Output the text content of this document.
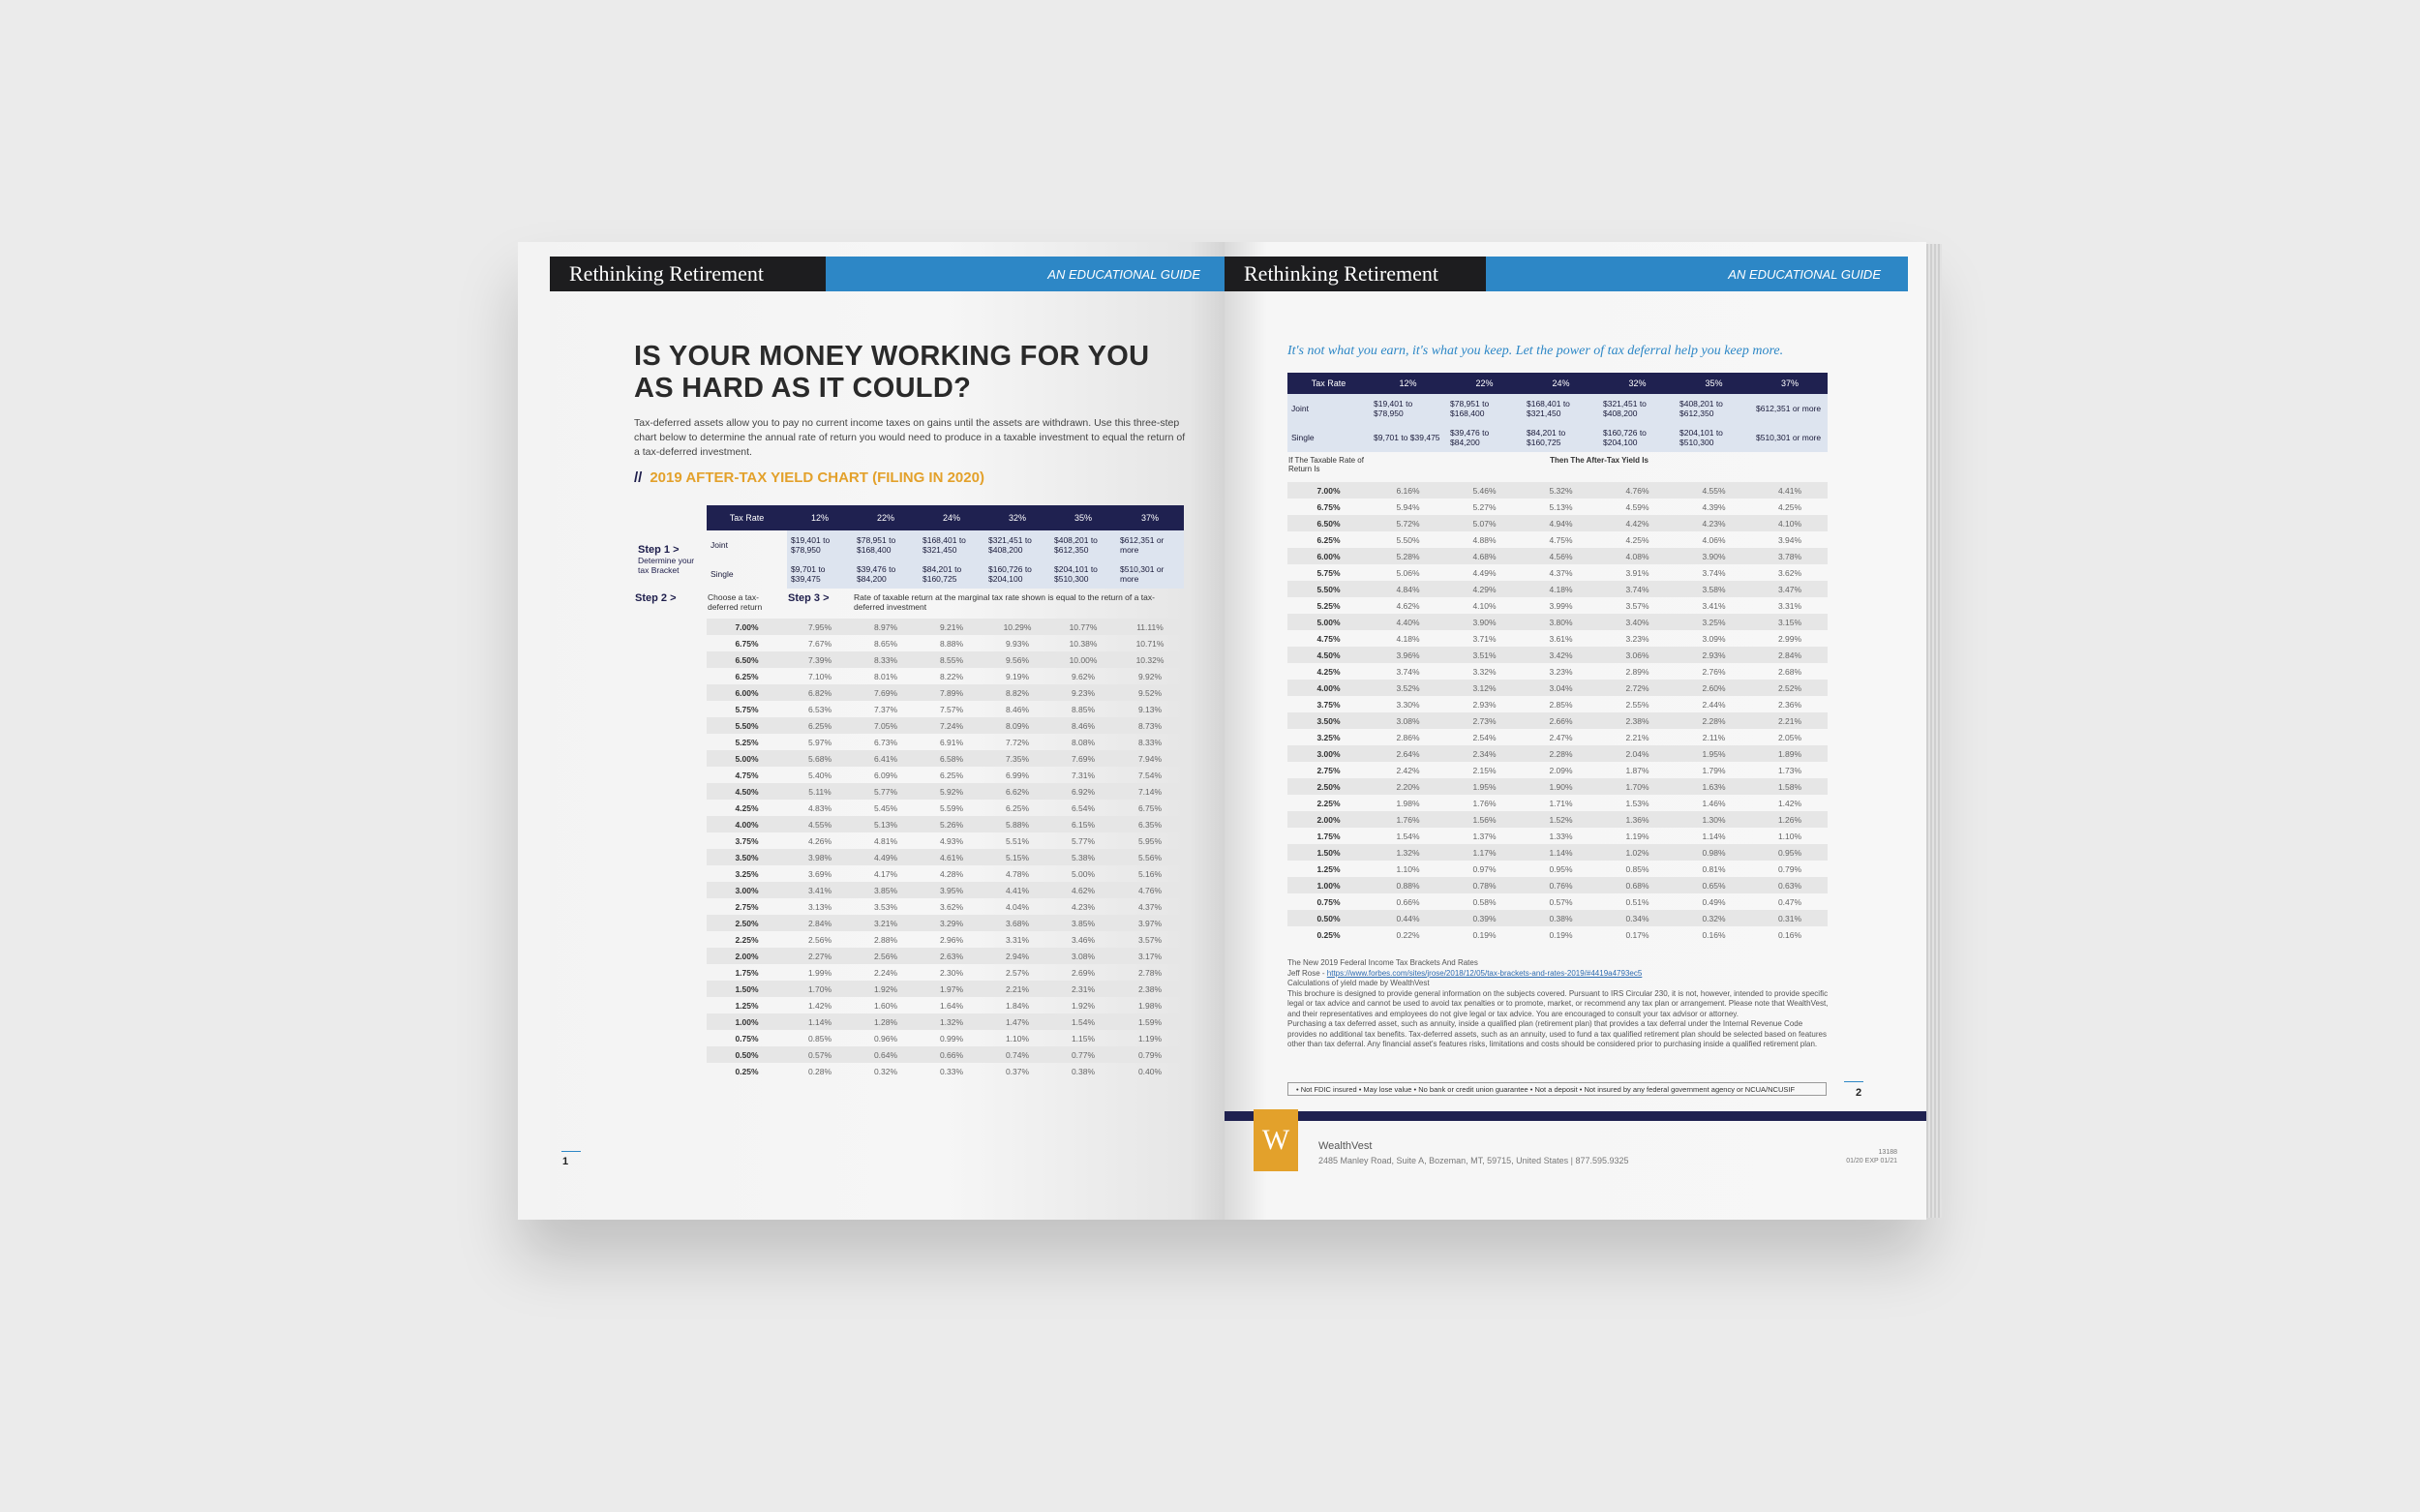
Rethinking Retirement	AN EDUCATIONAL GUIDE
IS YOUR MONEY WORKING FOR YOU
AS HARD AS IT COULD?
Tax-deferred assets allow you to pay no current income taxes on gains until the assets are withdrawn. Use this three-step chart below to determine the annual rate of return you would need to produce in a taxable investment to equal the return of a tax-deferred investment.
// 2019 AFTER-TAX YIELD CHART (FILING IN 2020)
	Tax Rate	12%	22%	24%	32%	35%	37%

Step 1 >
Determine your tax Bracket	Joint	$19,401 to $78,950	$78,951 to $168,400	$168,401 to $321,450	$321,451 to $408,200	$408,201 to $612,350	$612,351 or more
	Single	$9,701 to $39,475	$39,476 to $84,200	$84,201 to $160,725	$160,726 to $204,100	$204,101 to $510,300	$510,301 or more
Step 2 >	Choose a tax-deferred return	Step 3 >	Rate of taxable return at the marginal tax rate shown is equal to the return of a tax-deferred investment				
	7.00%	7.95%	8.97%	9.21%	10.29%	10.77%	11.11%
	6.75%	7.67%	8.65%	8.88%	9.93%	10.38%	10.71%
	6.50%	7.39%	8.33%	8.55%	9.56%	10.00%	10.32%
	6.25%	7.10%	8.01%	8.22%	9.19%	9.62%	9.92%
	6.00%	6.82%	7.69%	7.89%	8.82%	9.23%	9.52%
	5.75%	6.53%	7.37%	7.57%	8.46%	8.85%	9.13%
	5.50%	6.25%	7.05%	7.24%	8.09%	8.46%	8.73%
	5.25%	5.97%	6.73%	6.91%	7.72%	8.08%	8.33%
	5.00%	5.68%	6.41%	6.58%	7.35%	7.69%	7.94%
	4.75%	5.40%	6.09%	6.25%	6.99%	7.31%	7.54%
	4.50%	5.11%	5.77%	5.92%	6.62%	6.92%	7.14%
	4.25%	4.83%	5.45%	5.59%	6.25%	6.54%	6.75%
	4.00%	4.55%	5.13%	5.26%	5.88%	6.15%	6.35%
	3.75%	4.26%	4.81%	4.93%	5.51%	5.77%	5.95%
	3.50%	3.98%	4.49%	4.61%	5.15%	5.38%	5.56%
	3.25%	3.69%	4.17%	4.28%	4.78%	5.00%	5.16%
	3.00%	3.41%	3.85%	3.95%	4.41%	4.62%	4.76%
	2.75%	3.13%	3.53%	3.62%	4.04%	4.23%	4.37%
	2.50%	2.84%	3.21%	3.29%	3.68%	3.85%	3.97%
	2.25%	2.56%	2.88%	2.96%	3.31%	3.46%	3.57%
	2.00%	2.27%	2.56%	2.63%	2.94%	3.08%	3.17%
	1.75%	1.99%	2.24%	2.30%	2.57%	2.69%	2.78%
	1.50%	1.70%	1.92%	1.97%	2.21%	2.31%	2.38%
	1.25%	1.42%	1.60%	1.64%	1.84%	1.92%	1.98%
	1.00%	1.14%	1.28%	1.32%	1.47%	1.54%	1.59%
	0.75%	0.85%	0.96%	0.99%	1.10%	1.15%	1.19%
	0.50%	0.57%	0.64%	0.66%	0.74%	0.77%	0.79%
	0.25%	0.28%	0.32%	0.33%	0.37%	0.38%	0.40%
1
Rethinking Retirement	AN EDUCATIONAL GUIDE
It's not what you earn, it's what you keep. Let the power of tax deferral help you keep more.
Tax Rate	12%	22%	24%	32%	35%	37%
Joint	$19,401 to $78,950	$78,951 to $168,400	$168,401 to $321,450	$321,451 to $408,200	$408,201 to $612,350	$612,351 or more
Single	$9,701 to $39,475	$39,476 to $84,200	$84,201 to $160,725	$160,726 to $204,100	$204,101 to $510,300	$510,301 or more
If The Taxable Rate of Return Is		Then The After-Tax Yield Is				
7.00%	6.16%	5.46%	5.32%	4.76%	4.55%	4.41%
6.75%	5.94%	5.27%	5.13%	4.59%	4.39%	4.25%
6.50%	5.72%	5.07%	4.94%	4.42%	4.23%	4.10%
6.25%	5.50%	4.88%	4.75%	4.25%	4.06%	3.94%
6.00%	5.28%	4.68%	4.56%	4.08%	3.90%	3.78%
5.75%	5.06%	4.49%	4.37%	3.91%	3.74%	3.62%
5.50%	4.84%	4.29%	4.18%	3.74%	3.58%	3.47%
5.25%	4.62%	4.10%	3.99%	3.57%	3.41%	3.31%
5.00%	4.40%	3.90%	3.80%	3.40%	3.25%	3.15%
4.75%	4.18%	3.71%	3.61%	3.23%	3.09%	2.99%
4.50%	3.96%	3.51%	3.42%	3.06%	2.93%	2.84%
4.25%	3.74%	3.32%	3.23%	2.89%	2.76%	2.68%
4.00%	3.52%	3.12%	3.04%	2.72%	2.60%	2.52%
3.75%	3.30%	2.93%	2.85%	2.55%	2.44%	2.36%
3.50%	3.08%	2.73%	2.66%	2.38%	2.28%	2.21%
3.25%	2.86%	2.54%	2.47%	2.21%	2.11%	2.05%
3.00%	2.64%	2.34%	2.28%	2.04%	1.95%	1.89%
2.75%	2.42%	2.15%	2.09%	1.87%	1.79%	1.73%
2.50%	2.20%	1.95%	1.90%	1.70%	1.63%	1.58%
2.25%	1.98%	1.76%	1.71%	1.53%	1.46%	1.42%
2.00%	1.76%	1.56%	1.52%	1.36%	1.30%	1.26%
1.75%	1.54%	1.37%	1.33%	1.19%	1.14%	1.10%
1.50%	1.32%	1.17%	1.14%	1.02%	0.98%	0.95%
1.25%	1.10%	0.97%	0.95%	0.85%	0.81%	0.79%
1.00%	0.88%	0.78%	0.76%	0.68%	0.65%	0.63%
0.75%	0.66%	0.58%	0.57%	0.51%	0.49%	0.47%
0.50%	0.44%	0.39%	0.38%	0.34%	0.32%	0.31%
0.25%	0.22%	0.19%	0.19%	0.17%	0.16%	0.16%
The New 2019 Federal Income Tax Brackets And Rates
Jeff Rose - https://www.forbes.com/sites/jrose/2018/12/05/tax-brackets-and-rates-2019/#4419a4793ec5
Calculations of yield made by WealthVest
This brochure is designed to provide general information on the subjects covered. Pursuant to IRS Circular 230, it is not, however, intended to provide specific legal or tax advice and cannot be used to avoid tax penalties or to promote, market, or recommend any tax plan or arrangement. Please note that WealthVest, and their representatives and employees do not give legal or tax advice. You are encouraged to consult your tax advisor or attorney.
Purchasing a tax deferred asset, such as annuity, inside a qualified plan (retirement plan) that provides a tax deferral under the Internal Revenue Code provides no additional tax benefits. Tax-deferred assets, such as an annuity, used to fund a tax qualified retirement plan should be selected based on features other than tax deferral. Any financial asset's features risks, limitations and costs should be considered prior to purchasing inside a qualified retirement plan.
• Not FDIC insured • May lose value • No bank or credit union guarantee • Not a deposit • Not insured by any federal government agency or NCUA/NCUSIF	2
W	WealthVest
2485 Manley Road, Suite A, Bozeman, MT, 59715, United States | 877.595.9325
13188
01/20 EXP 01/21
